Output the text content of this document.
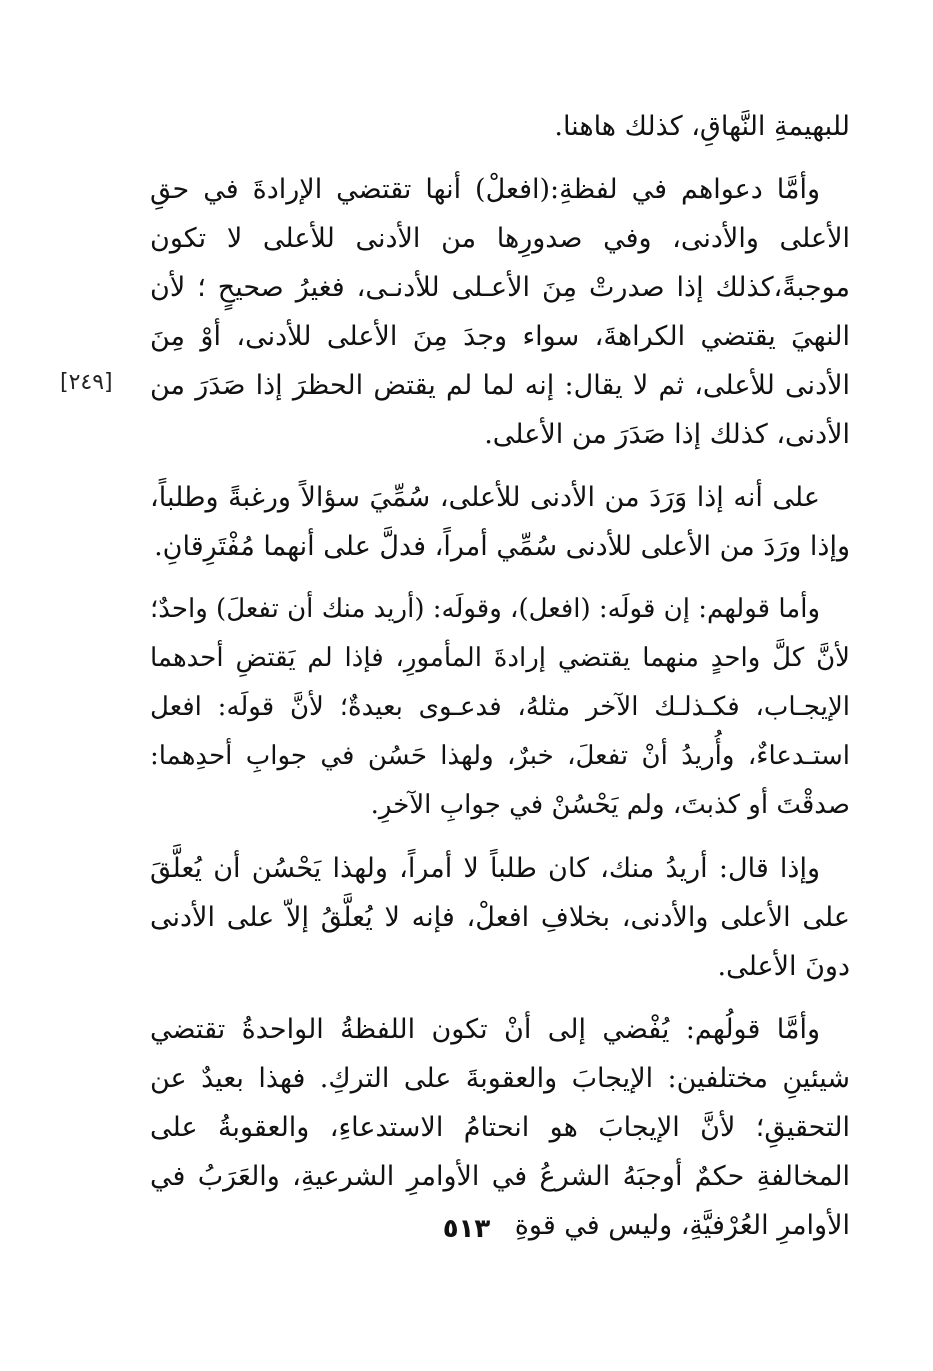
للبهيمةِ النَّهاقِ، كذلك هاهنا.

وأمَّا دعواهم في لفظةِ:(افعلْ) أنها تقتضي الإرادةَ في حقِ الأعلى والأدنى، وفي صدورِها من الأدنى للأعلى لا تكون موجبةً،كذلك إذا صدرتْ مِنَ الأعـلى للأدنـى، فغيرُ صحيحٍ ؛ لأن النهيَ يقتضي الكراهةَ، سواء وجدَ مِنَ الأعلى للأدنى، أوْ مِنَ الأدنى للأعلى، ثم لا يقال: إنه لما لم يقتض الحظرَ إذا صَدَرَ من الأدنى، كذلك إذا صَدَرَ من الأعلى.

على أنه إذا وَرَدَ من الأدنى للأعلى، سُمِّيَ سؤالاً ورغبةً وطلباً، وإذا ورَدَ من الأعلى للأدنى سُمِّي أمراً، فدلَّ على أنهما مُفْتَرِقانِ.

وأما قولهم: إن قولَه: (افعل)، وقولَه: (أريد منك أن تفعلَ) واحدٌ؛ لأنَّ كلَّ واحدٍ منهما يقتضي إرادةَ المأمورِ، فإذا لم يَقتضِ أحدهما الإيجـاب، فكـذلـك الآخر مثلهُ، فدعـوى بعيدةٌ؛ لأنَّ قولَه: افعل استـدعاءٌ، وأُريدُ أنْ تفعلَ، خبرٌ، ولهذا حَسُن في جوابِ أحدِهما: صدقْتَ أو كذبتَ، ولم يَحْسُنْ في جوابِ الآخرِ.

وإذا قال: أريدُ منك، كان طلباً لا أمراً، ولهذا يَحْسُن أن يُعلَّقَ على الأعلى والأدنى، بخلافِ افعلْ، فإنه لا يُعلَّقُ إلاّ على الأدنى دونَ الأعلى.

وأمَّا قولُهم: يُفْضي إلى أنْ تكون اللفظةُ الواحدةُ تقتضي شيئينِ مختلفين: الإيجابَ والعقوبةَ على التركِ. فهذا بعيدٌ عن التحقيقِ؛ لأنَّ الإيجابَ هو انحتامُ الاستدعاءِ، والعقوبةُ على المخالفةِ حكمٌ أوجبَهُ الشرعُ في الأوامرِ الشرعيةِ، والعَرَبُ في الأوامرِ العُرْفيَّةِ، وليس في قوةِ

[٢٤٩]
٥١٣
